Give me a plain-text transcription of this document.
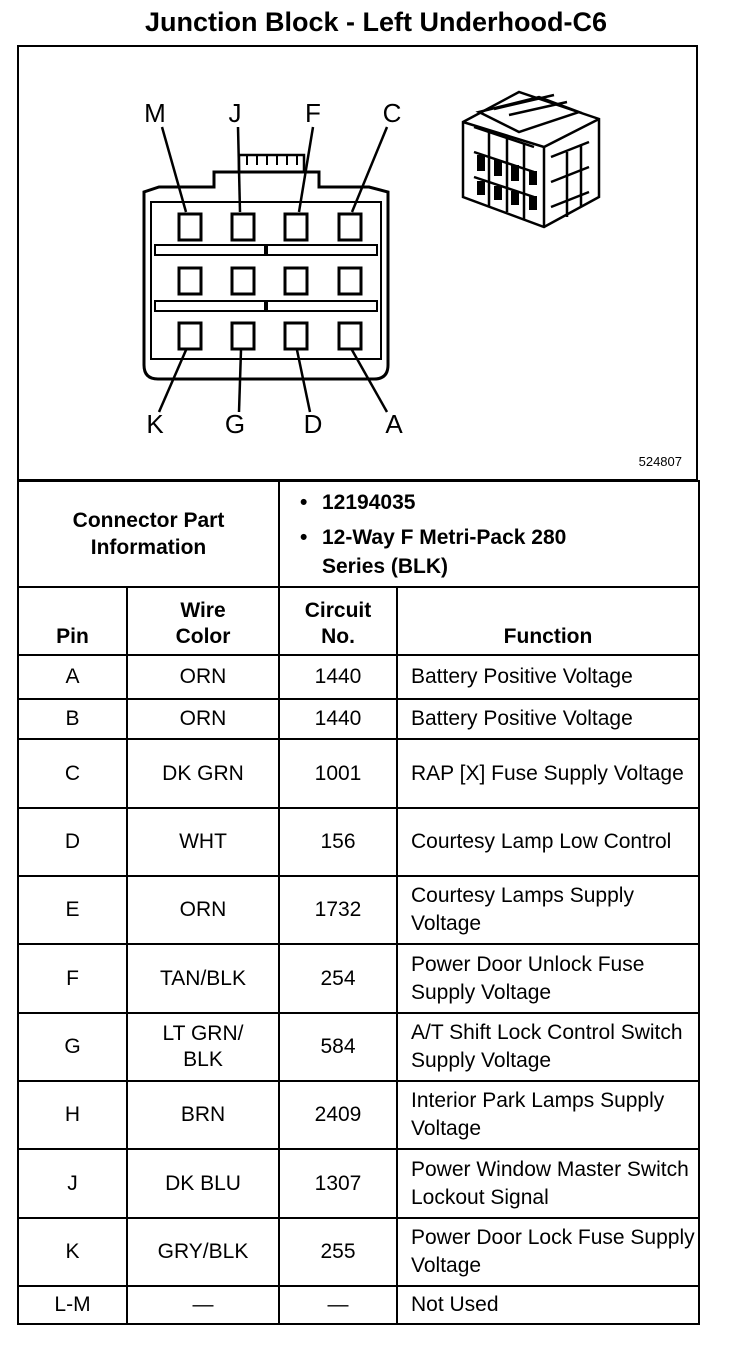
Junction Block - Left Underhood-C6
M J F C
K G D A
524807
Connector Part Information	
• 12194035
• 12-Way F Metri-Pack 280 Series (BLK)
Pin	Wire Color	Circuit No.	Function
A	ORN	1440	Battery Positive Voltage
B	ORN	1440	Battery Positive Voltage
C	DK GRN	1001	RAP [X] Fuse Supply Voltage
D	WHT	156	Courtesy Lamp Low Control
E	ORN	1732	Courtesy Lamps Supply Voltage
F	TAN/BLK	254	Power Door Unlock Fuse Supply Voltage
G	LT GRN/ BLK	584	A/T Shift Lock Control Switch Supply Voltage
H	BRN	2409	Interior Park Lamps Supply Voltage
J	DK BLU	1307	Power Window Master Switch Lockout Signal
K	GRY/BLK	255	Power Door Lock Fuse Supply Voltage
L-M	—	—	Not Used
